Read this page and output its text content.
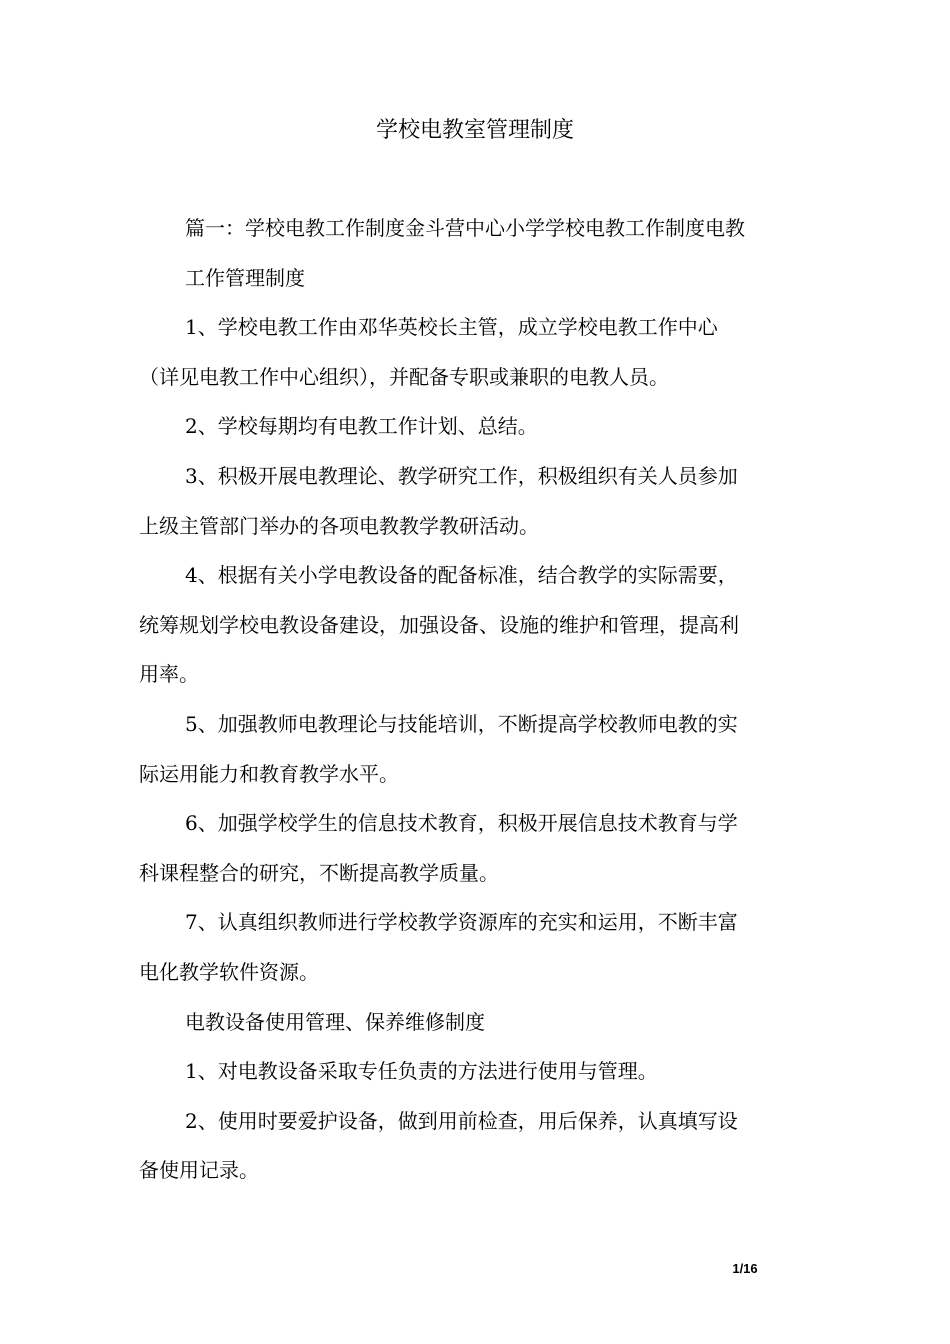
学校电教室管理制度
篇一：学校电教工作制度金斗营中心小学学校电教工作制度电教
工作管理制度
1、学校电教工作由邓华英校长主管，成立学校电教工作中心
（详见电教工作中心组织），并配备专职或兼职的电教人员。
2、学校每期均有电教工作计划、总结。
3、积极开展电教理论、教学研究工作，积极组织有关人员参加
上级主管部门举办的各项电教教学教研活动。
4、根据有关小学电教设备的配备标准，结合教学的实际需要，
统筹规划学校电教设备建设，加强设备、设施的维护和管理，提高利
用率。
5、加强教师电教理论与技能培训，不断提高学校教师电教的实
际运用能力和教育教学水平。
6、加强学校学生的信息技术教育，积极开展信息技术教育与学
科课程整合的研究，不断提高教学质量。
7、认真组织教师进行学校教学资源库的充实和运用，不断丰富
电化教学软件资源。
电教设备使用管理、保养维修制度
1、对电教设备采取专任负责的方法进行使用与管理。
2、使用时要爱护设备，做到用前检查，用后保养，认真填写设
备使用记录。
1/16
